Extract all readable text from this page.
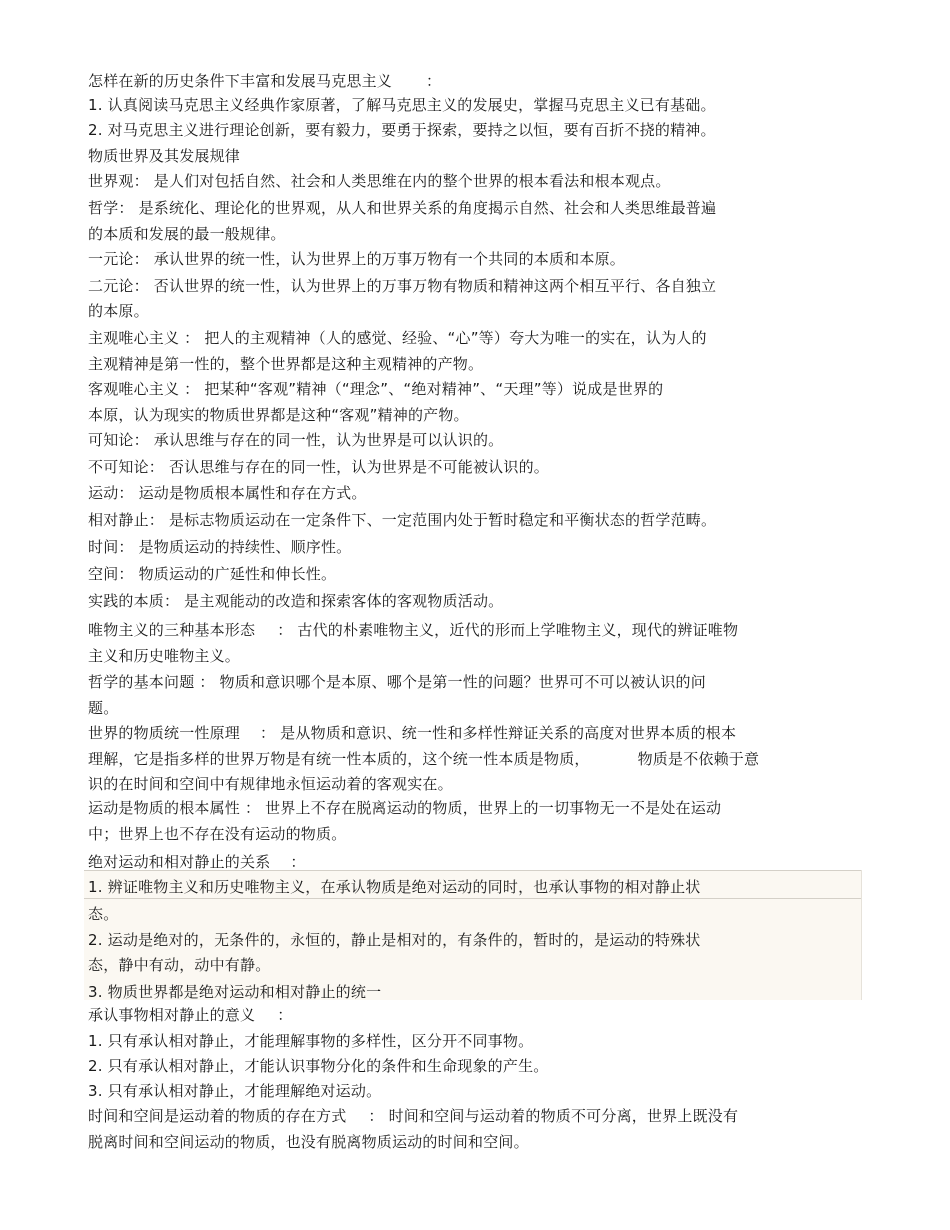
怎样在新的历史条件下丰富和发展马克思主义 ：
1. 认真阅读马克思主义经典作家原著，了解马克思主义的发展史，掌握马克思主义已有基础。
2. 对马克思主义进行理论创新，要有毅力，要勇于探索，要持之以恒，要有百折不挠的精神。
物质世界及其发展规律
世界观： 是人们对包括自然、社会和人类思维在内的整个世界的根本看法和根本观点。
哲学： 是系统化、理论化的世界观，从人和世界关系的角度揭示自然、社会和人类思维最普遍
的本质和发展的最一般规律。
一元论： 承认世界的统一性，认为世界上的万事万物有一个共同的本质和本原。
二元论： 否认世界的统一性，认为世界上的万事万物有物质和精神这两个相互平行、各自独立
的本原。
主观唯心主义 ： 把人的主观精神（人的感觉、经验、“心”等）夸大为唯一的实在，认为人的
主观精神是第一性的，整个世界都是这种主观精神的产物。
客观唯心主义 ： 把某种“客观”精神（“理念”、“绝对精神”、“天理”等）说成是世界的
本原，认为现实的物质世界都是这种“客观”精神的产物。
可知论： 承认思维与存在的同一性，认为世界是可以认识的。
不可知论： 否认思维与存在的同一性，认为世界是不可能被认识的。
运动： 运动是物质根本属性和存在方式。
相对静止： 是标志物质运动在一定条件下、一定范围内处于暂时稳定和平衡状态的哲学范畴。
时间： 是物质运动的持续性、顺序性。
空间： 物质运动的广延性和伸长性。
实践的本质： 是主观能动的改造和探索客体的客观物质活动。
唯物主义的三种基本形态 ： 古代的朴素唯物主义，近代的形而上学唯物主义，现代的辨证唯物
主义和历史唯物主义。
哲学的基本问题 ： 物质和意识哪个是本原、哪个是第一性的问题？世界可不可以被认识的问
题。
世界的物质统一性原理 ： 是从物质和意识、统一性和多样性辩证关系的高度对世界本质的根本
理解，它是指多样的世界万物是有统一性本质的，这个统一性本质是物质，	物质是不依赖于意
识的在时间和空间中有规律地永恒运动着的客观实在。
运动是物质的根本属性 ： 世界上不存在脱离运动的物质，世界上的一切事物无一不是处在运动
中；世界上也不存在没有运动的物质。
绝对运动和相对静止的关系 ：
1. 辨证唯物主义和历史唯物主义，在承认物质是绝对运动的同时，也承认事物的相对静止状
态。
2. 运动是绝对的，无条件的，永恒的，静止是相对的，有条件的，暂时的，是运动的特殊状
态，静中有动，动中有静。
3. 物质世界都是绝对运动和相对静止的统一
承认事物相对静止的意义 ：
1. 只有承认相对静止，才能理解事物的多样性，区分开不同事物。
2. 只有承认相对静止，才能认识事物分化的条件和生命现象的产生。
3. 只有承认相对静止，才能理解绝对运动。
时间和空间是运动着的物质的存在方式 ： 时间和空间与运动着的物质不可分离，世界上既没有
脱离时间和空间运动的物质，也没有脱离物质运动的时间和空间。
